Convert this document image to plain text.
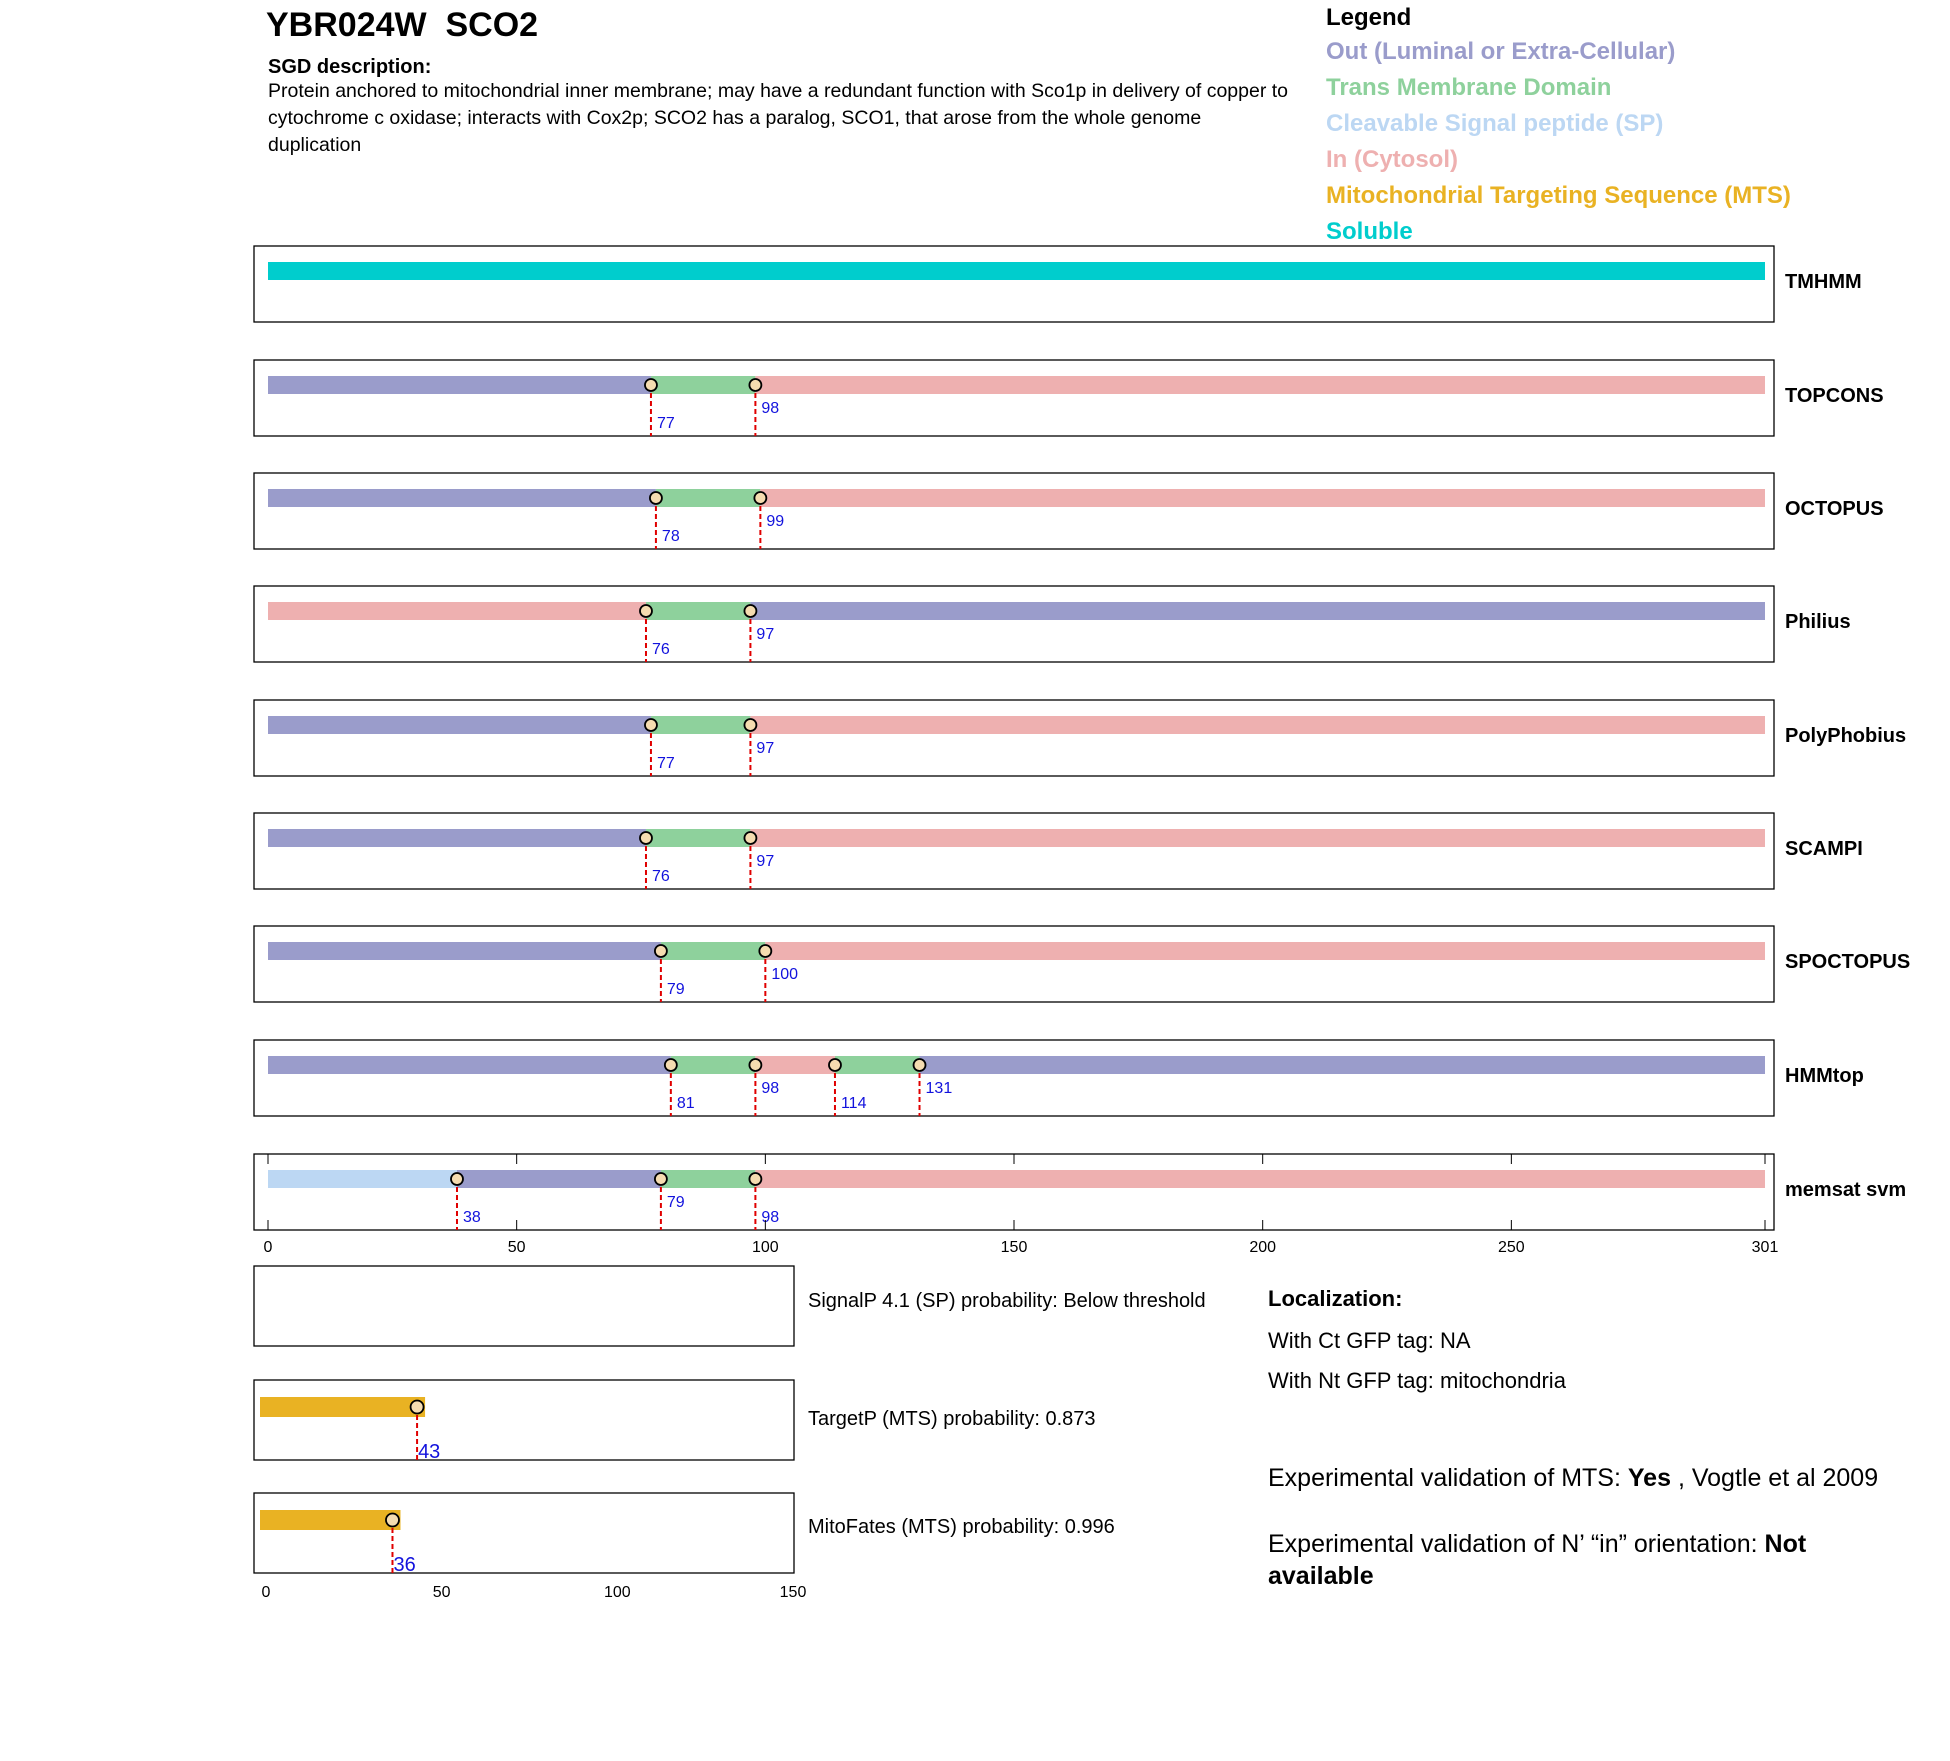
YBR024W  SCO2
SGD description:
Protein anchored to mitochondrial inner membrane; may have a redundant function with Sco1p in delivery of copper to cytochrome c oxidase; interacts with Cox2p; SCO2 has a paralog, SCO1, that arose from the whole genome duplication
Legend
Out (Luminal or Extra-Cellular)
Trans Membrane Domain
Cleavable Signal peptide (SP)
In (Cytosol)
Mitochondrial Targeting Sequence (MTS)
Soluble
TMHMM
TOPCONS
77
98
OCTOPUS
78
99
Philius
76
97
PolyPhobius
77
97
SCAMPI
76
97
SPOCTOPUS
79
100
HMMtop
81
98
114
131
memsat svm
38
79
98
0	50	100	150	200	250	301
43
36
0	50	100	150
SignalP 4.1 (SP) probability: Below threshold
TargetP (MTS) probability: 0.873
MitoFates (MTS) probability: 0.996
Localization:
With Ct GFP tag: NA
With Nt GFP tag: mitochondria
Experimental validation of MTS: Yes , Vogtle et al 2009
Experimental validation of N’ “in” orientation: Not available
